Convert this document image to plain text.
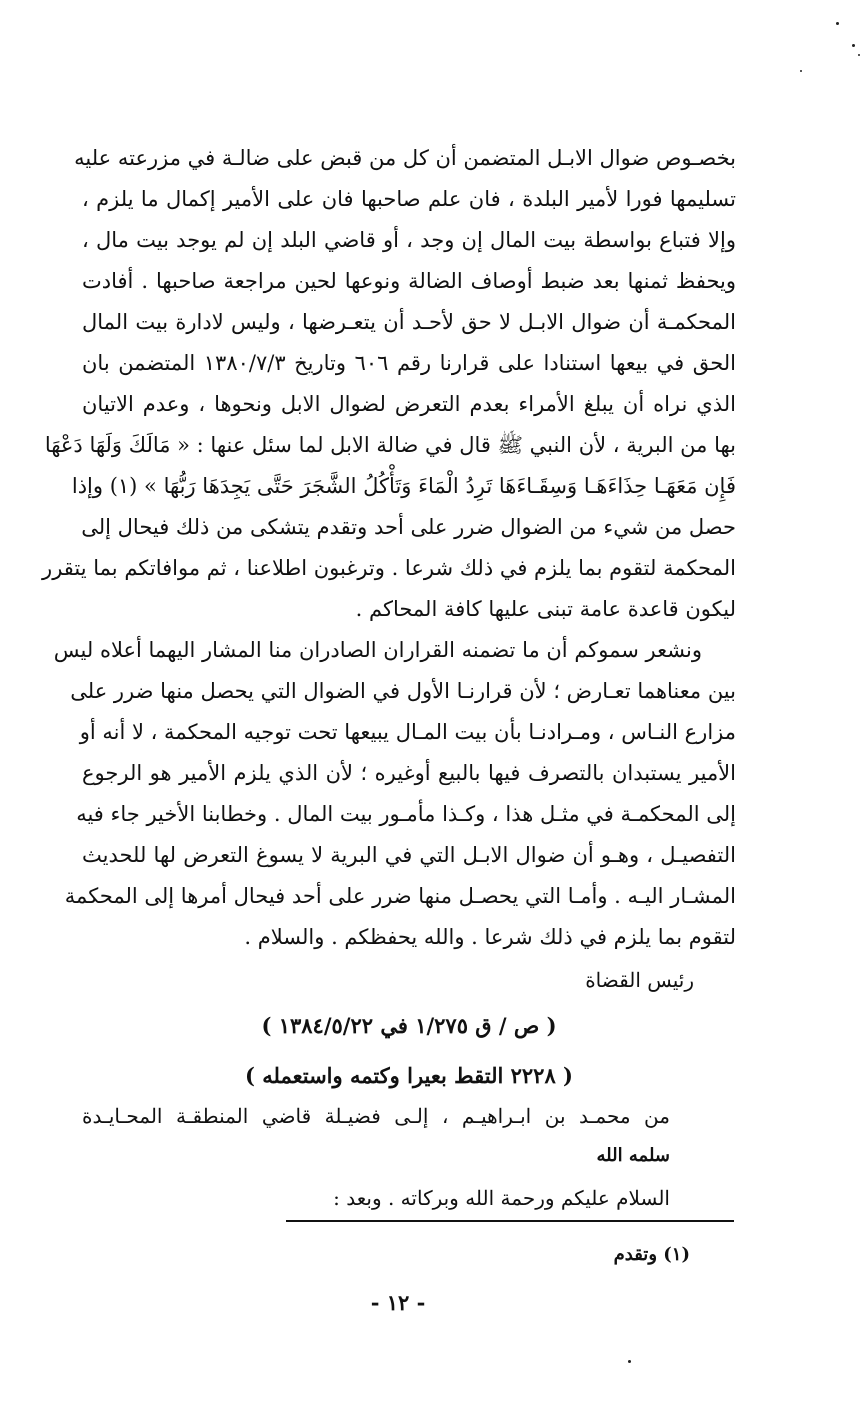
بخصـوص ضوال الابـل المتضمن أن كل من قبض على ضالـة في مزرعته عليه
تسليمها فورا لأمير البلدة ، فان علم صاحبها فان على الأمير إكمال ما يلزم ،
وإلا فتباع بواسطة بيت المال إن وجد ، أو قاضي البلد إن لم يوجد بيت مال ،
ويحفظ ثمنها بعد ضبط أوصاف الضالة ونوعها لحين مراجعة صاحبها . أفادت
المحكمـة أن ضوال الابـل لا حق لأحـد أن يتعـرضها ، وليس لادارة بيت المال
الحق في بيعها استنادا على قرارنا رقم ٦٠٦ وتاريخ ١٣٨٠/٧/٣ المتضمن بان
الذي نراه أن يبلغ الأمراء بعدم التعرض لضوال الابل ونحوها ، وعدم الاتيان
بها من البرية ، لأن النبي ﷺ قال في ضالة الابل لما سئل عنها : « مَالَكَ وَلَهَا دَعْهَا
فَإِن مَعَهَـا حِذَاءَهَـا وَسِقَـاءَهَا تَرِدُ الْمَاءَ وَتَأْكُلُ الشَّجَرَ حَتَّى يَجِدَهَا رَبُّهَا » (١) وإذا
حصل من شيء من الضوال ضرر على أحد وتقدم يتشكى من ذلك فيحال إلى
المحكمة لتقوم بما يلزم في ذلك شرعا . وترغبون اطلاعنا ، ثم موافاتكم بما يتقرر
ليكون قاعدة عامة تبنى عليها كافة المحاكم .
ونشعر سموكم أن ما تضمنه القراران الصادران منا المشار اليهما أعلاه ليس
بين معناهما تعـارض ؛ لأن قرارنـا الأول في الضوال التي يحصل منها ضرر على
مزارع النـاس ، ومـرادنـا بأن بيت المـال يبيعها تحت توجيه المحكمة ، لا أنه أو
الأمير يستبدان بالتصرف فيها بالبيع أوغيره ؛ لأن الذي يلزم الأمير هو الرجوع
إلى المحكمـة في مثـل هذا ، وكـذا مأمـور بيت المال . وخطابنا الأخير جاء فيه
التفصيـل ، وهـو أن ضوال الابـل التي في البرية لا يسوغ التعرض لها للحديث
المشـار اليـه . وأمـا التي يحصـل منها ضرر على أحد فيحال أمرها إلى المحكمة
لتقوم بما يلزم في ذلك شرعا . والله يحفظكم . والسلام .
رئيس القضاة
( ص / ق ١/٢٧٥ في ١٣٨٤/٥/٢٢ )
( ٢٢٢٨ التقط بعيرا وكتمه واستعمله )
من محمـد بن ابـراهيـم ، إلـى فضيـلة قاضي المنطقـة المحـايـدة
سلمه الله
السلام عليكم ورحمة الله وبركاته . وبعد :
(١) وتقدم
- ١٢ -
